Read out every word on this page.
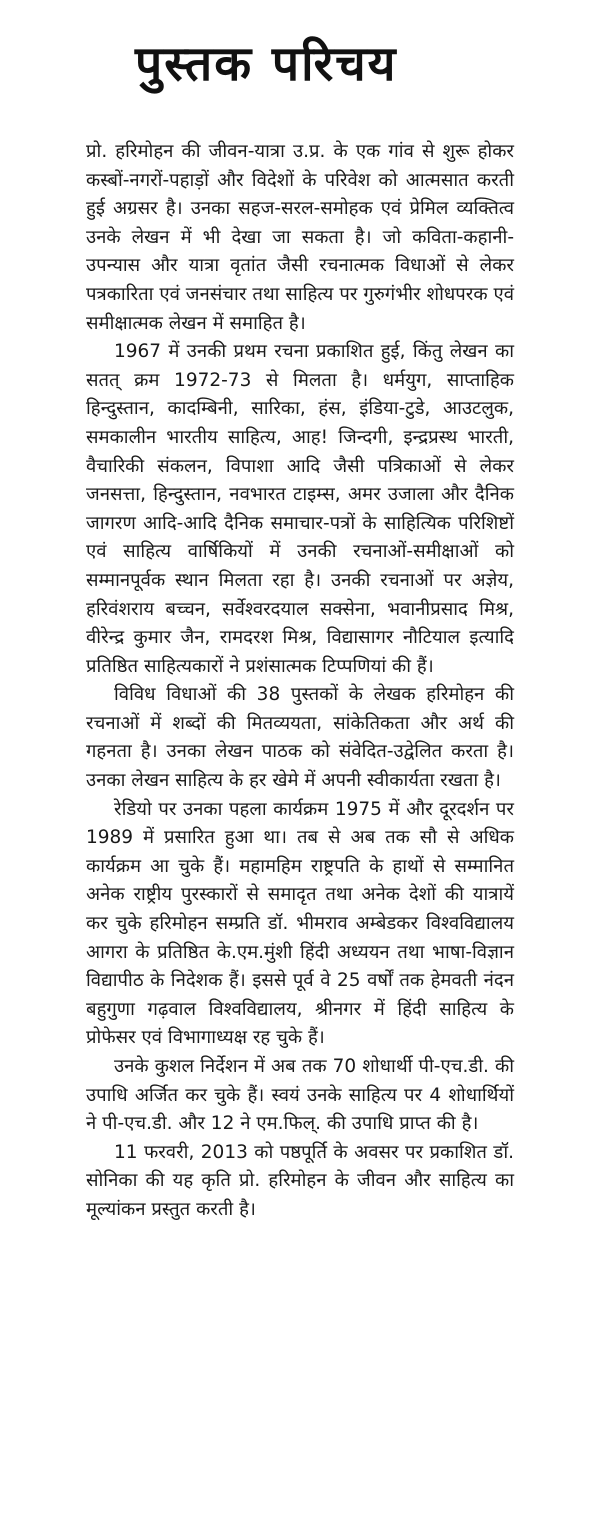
पुस्तक परिचय

प्रो. हरिमोहन की जीवन-यात्रा उ.प्र. के एक गांव से शुरू होकर कस्बों-नगरों-पहाड़ों और विदेशों के परिवेश को आत्मसात करती हुई अग्रसर है। उनका सहज-सरल-समोहक एवं प्रेमिल व्यक्तित्व उनके लेखन में भी देखा जा सकता है। जो कविता-कहानी-उपन्यास और यात्रा वृतांत जैसी रचनात्मक विधाओं से लेकर पत्रकारिता एवं जनसंचार तथा साहित्य पर गुरुगंभीर शोधपरक एवं समीक्षात्मक लेखन में समाहित है।

1967 में उनकी प्रथम रचना प्रकाशित हुई, किंतु लेखन का सतत् क्रम 1972-73 से मिलता है। धर्मयुग, साप्ताहिक हिन्दुस्तान, कादम्बिनी, सारिका, हंस, इंडिया-टुडे, आउटलुक, समकालीन भारतीय साहित्य, आह! जिन्दगी, इन्द्रप्रस्थ भारती, वैचारिकी संकलन, विपाशा आदि जैसी पत्रिकाओं से लेकर जनसत्ता, हिन्दुस्तान, नवभारत टाइम्स, अमर उजाला और दैनिक जागरण आदि-आदि दैनिक समाचार-पत्रों के साहित्यिक परिशिष्टों एवं साहित्य वार्षिकियों में उनकी रचनाओं-समीक्षाओं को सम्मानपूर्वक स्थान मिलता रहा है। उनकी रचनाओं पर अज्ञेय, हरिवंशराय बच्चन, सर्वेश्वरदयाल सक्सेना, भवानीप्रसाद मिश्र, वीरेन्द्र कुमार जैन, रामदरश मिश्र, विद्यासागर नौटियाल इत्यादि प्रतिष्ठित साहित्यकारों ने प्रशंसात्मक टिप्पणियां की हैं।

विविध विधाओं की 38 पुस्तकों के लेखक हरिमोहन की रचनाओं में शब्दों की मितव्ययता, सांकेतिकता और अर्थ की गहनता है। उनका लेखन पाठक को संवेदित-उद्वेलित करता है। उनका लेखन साहित्य के हर खेमे में अपनी स्वीकार्यता रखता है।

रेडियो पर उनका पहला कार्यक्रम 1975 में और दूरदर्शन पर 1989 में प्रसारित हुआ था। तब से अब तक सौ से अधिक कार्यक्रम आ चुके हैं। महामहिम राष्ट्रपति के हाथों से सम्मानित अनेक राष्ट्रीय पुरस्कारों से समादृत तथा अनेक देशों की यात्रायें कर चुके हरिमोहन सम्प्रति डॉ. भीमराव अम्बेडकर विश्वविद्यालय आगरा के प्रतिष्ठित के.एम.मुंशी हिंदी अध्ययन तथा भाषा-विज्ञान विद्यापीठ के निदेशक हैं। इससे पूर्व वे 25 वर्षों तक हेमवती नंदन बहुगुणा गढ़वाल विश्वविद्यालय, श्रीनगर में हिंदी साहित्य के प्रोफेसर एवं विभागाध्यक्ष रह चुके हैं।

उनके कुशल निर्देशन में अब तक 70 शोधार्थी पी-एच.डी. की उपाधि अर्जित कर चुके हैं। स्वयं उनके साहित्य पर 4 शोधार्थियों ने पी-एच.डी. और 12 ने एम.फिल्. की उपाधि प्राप्त की है।

11 फरवरी, 2013 को पष्ठपूर्ति के अवसर पर प्रकाशित डॉ. सोनिका की यह कृति प्रो. हरिमोहन के जीवन और साहित्य का मूल्यांकन प्रस्तुत करती है।
